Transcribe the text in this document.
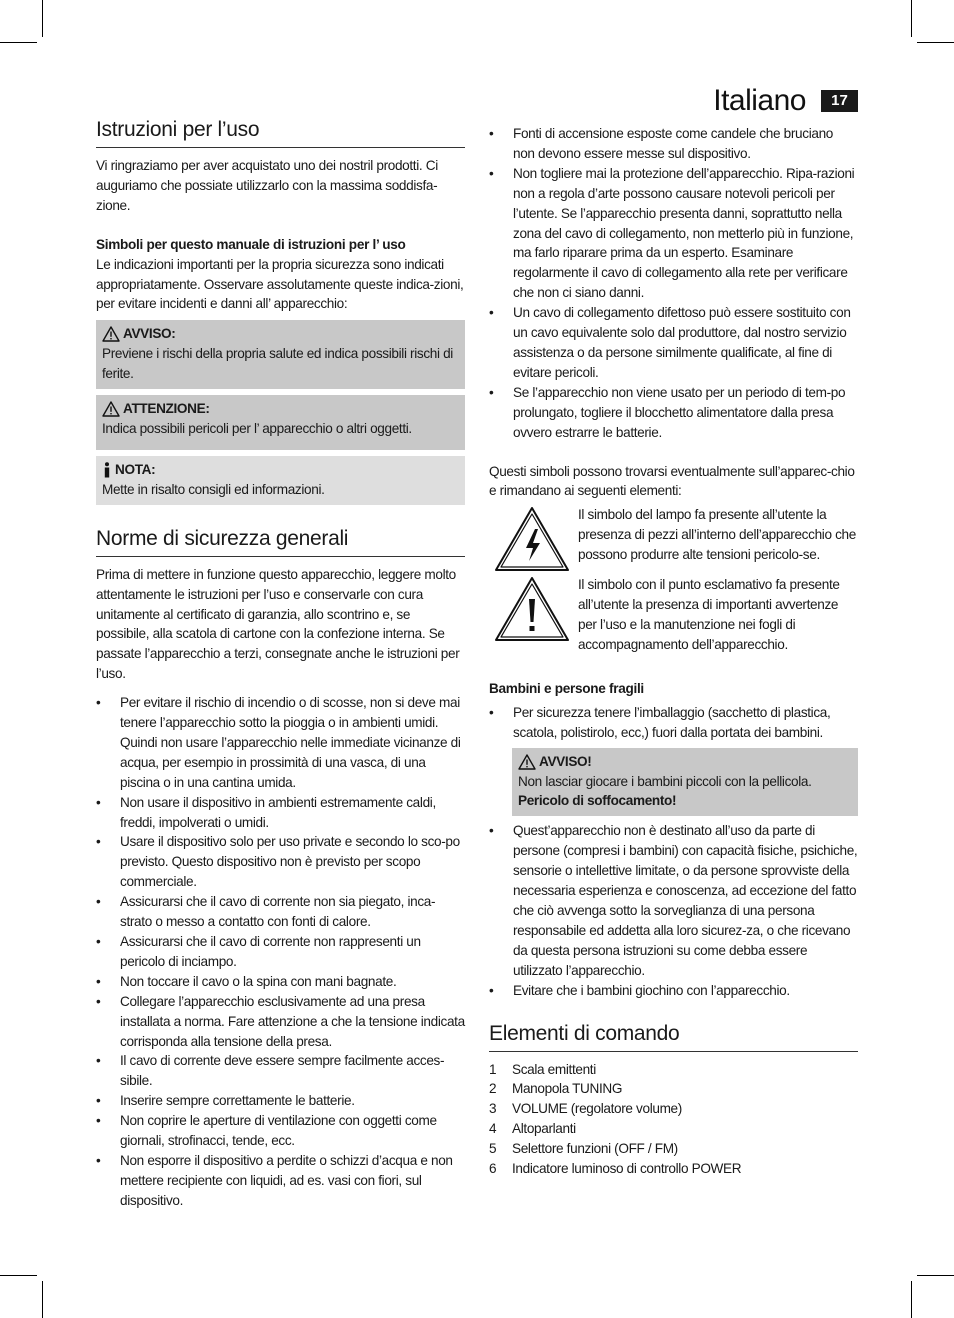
Italiano	17
Istruzioni per l’uso

Vi ringraziamo per aver acquistato uno dei nostril prodotti. Ci auguriamo che possiate utilizzarlo con la massima soddisfa-zione.

Simboli per questo manuale di istruzioni per l’ uso

Le indicazioni importanti per la propria sicurezza sono indicati appropriatamente. Osservare assolutamente queste indica-zioni, per evitare incidenti e danni all’ apparecchio:

AVVISO:
Previene i rischi della propria salute ed indica possibili rischi di ferite.
ATTENZIONE:
Indica possibili pericoli per l’ apparecchio o altri oggetti.
NOTA:
Mette in risalto consigli ed informazioni.
Norme di sicurezza generali

Prima di mettere in funzione questo apparecchio, leggere molto attentamente le istruzioni per l’uso e conservarle con cura unitamente al certificato di garanzia, allo scontrino e, se possibile, alla scatola di cartone con la confezione interna. Se passate l’apparecchio a terzi, consegnate anche le istruzioni per l’uso.

• Per evitare il rischio di incendio o di scosse, non si deve mai tenere l’apparecchio sotto la pioggia o in ambienti umidi. Quindi non usare l’apparecchio nelle immediate vicinanze di acqua, per esempio in prossimità di una vasca, di una piscina o in una cantina umida.
• Non usare il dispositivo in ambienti estremamente caldi, freddi, impolverati o umidi.
• Usare il dispositivo solo per uso private e secondo lo sco-po previsto. Questo dispositivo non è previsto per scopo commerciale.
• Assicurarsi che il cavo di corrente non sia piegato, inca-strato o messo a contatto con fonti di calore.
• Assicurarsi che il cavo di corrente non rappresenti un pericolo di inciampo.
• Non toccare il cavo o la spina con mani bagnate.
• Collegare l’apparecchio esclusivamente ad una presa installata a norma. Fare attenzione a che la tensione indicata corrisponda alla tensione della presa.
• Il cavo di corrente deve essere sempre facilmente acces-sibile.
• Inserire sempre correttamente le batterie.
• Non coprire le aperture di ventilazione con oggetti come giornali, strofinacci, tende, ecc.
• Non esporre il dispositivo a perdite o schizzi d’acqua e non mettere recipiente con liquidi, ad es. vasi con fiori, sul dispositivo.
• Fonti di accensione esposte come candele che bruciano non devono essere messe sul dispositivo.
• Non togliere mai la protezione dell’apparecchio. Ripa-razioni non a regola d’arte possono causare notevoli pericoli per l’utente. Se l’apparecchio presenta danni, soprattutto nella zona del cavo di collegamento, non metterlo più in funzione, ma farlo riparare prima da un esperto. Esaminare regolarmente il cavo di collegamento alla rete per verificare che non ci siano danni.
• Un cavo di collegamento difettoso può essere sostituito con un cavo equivalente solo dal produttore, dal nostro servizio assistenza o da persone similmente qualificate, al fine di evitare pericoli.
• Se l’apparecchio non viene usato per un periodo di tem-po prolungato, togliere il blocchetto alimentatore dalla presa ovvero estrarre le batterie.

Questi simboli possono trovarsi eventualmente sull’apparec-chio e rimandano ai seguenti elementi:

Il simbolo del lampo fa presente all’utente la presenza di pezzi all’interno dell’apparecchio che possono produrre alte tensioni pericolo-se.
Il simbolo con il punto esclamativo fa presente all’utente la presenza di importanti avvertenze per l’uso e la manutenzione nei fogli di accompagnamento dell’apparecchio.
Bambini e persone fragili
• Per sicurezza tenere l’imballaggio (sacchetto di plastica, scatola, polistirolo, ecc,) fuori dalla portata dei bambini.
AVVISO!
Non lasciar giocare i bambini piccoli con la pellicola.
Pericolo di soffocamento!
• Quest’apparecchio non è destinato all’uso da parte di persone (compresi i bambini) con capacità fisiche, psichiche, sensorie o intellettive limitate, o da persone sprovviste della necessaria esperienza e conoscenza, ad eccezione del fatto che ciò avvenga sotto la sorveglianza di una persona responsabile ed addetta alla loro sicurez-za, o che ricevano da questa persona istruzioni su come debba essere utilizzato l’apparecchio.
• Evitare che i bambini giochino con l’apparecchio.
Elementi di comando
1	Scala emittenti
2	Manopola TUNING
3	VOLUME (regolatore volume)
4	Altoparlanti
5	Selettore funzioni (OFF / FM)
6	Indicatore luminoso di controllo POWER
